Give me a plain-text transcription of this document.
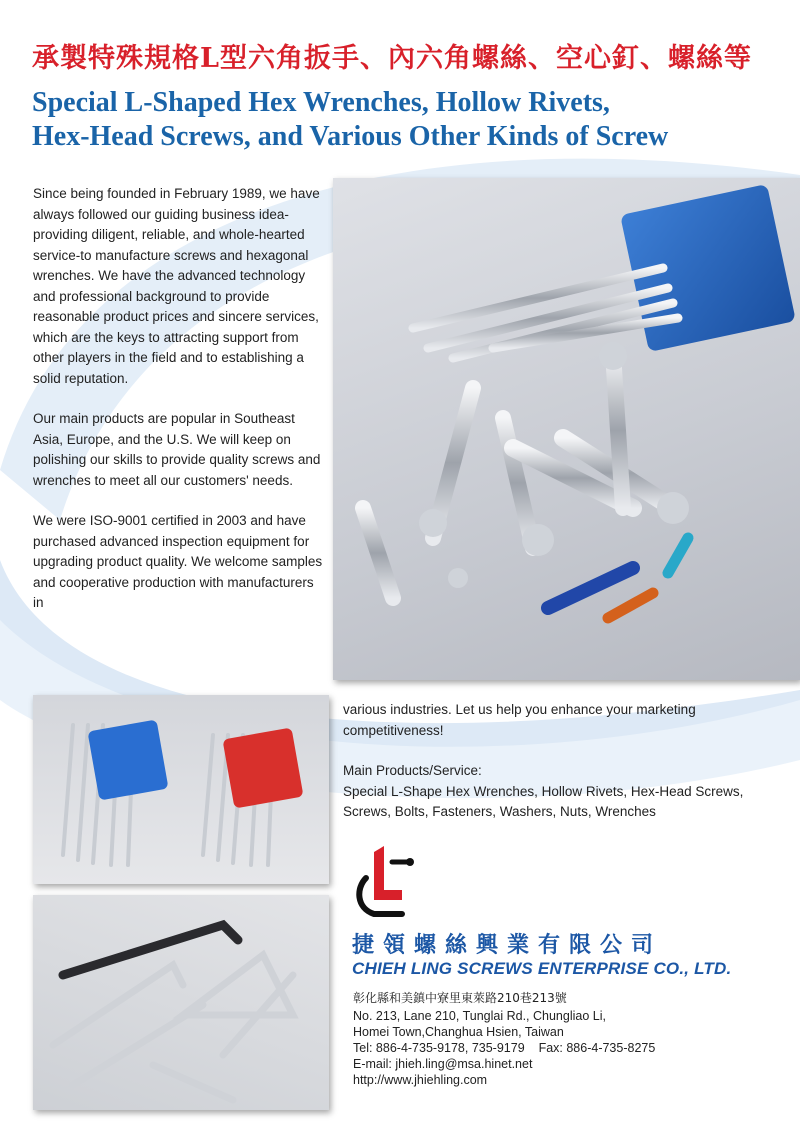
承製特殊規格L型六角扳手、內六角螺絲、空心釘、螺絲等
Special L-Shaped Hex Wrenches, Hollow Rivets,
Hex-Head Screws, and Various Other Kinds of Screw

Since being founded in February 1989, we have always followed our guiding business idea-providing diligent, reliable, and whole-hearted service-to manufacture screws and hexagonal wrenches. We have the advanced technology and professional background to provide reasonable product prices and sincere services, which are the keys to attracting support from other players in the field and to establishing a solid reputation.

Our main products are popular in Southeast Asia, Europe, and the U.S. We will keep on polishing our skills to provide quality screws and wrenches to meet all our customers' needs.

We were ISO-9001 certified in 2003 and have purchased advanced inspection equipment for upgrading product quality. We welcome samples and cooperative production with manufacturers in

various industries. Let us help you enhance your marketing competitiveness!

Main Products/Service:
Special L-Shape Hex Wrenches, Hollow Rivets, Hex-Head Screws, Screws, Bolts, Fasteners, Washers, Nuts, Wrenches
捷領螺絲興業有限公司
CHIEH LING SCREWS ENTERPRISE CO., LTD.
彰化縣和美鎮中寮里東萊路210巷213號
No. 213, Lane 210, Tunglai Rd., Chungliao Li,
Homei Town,Changhua Hsien, Taiwan
Tel: 886-4-735-9178, 735-9179 Fax: 886-4-735-8275
E-mail: jhieh.ling@msa.hinet.net
http://www.jhiehling.com
